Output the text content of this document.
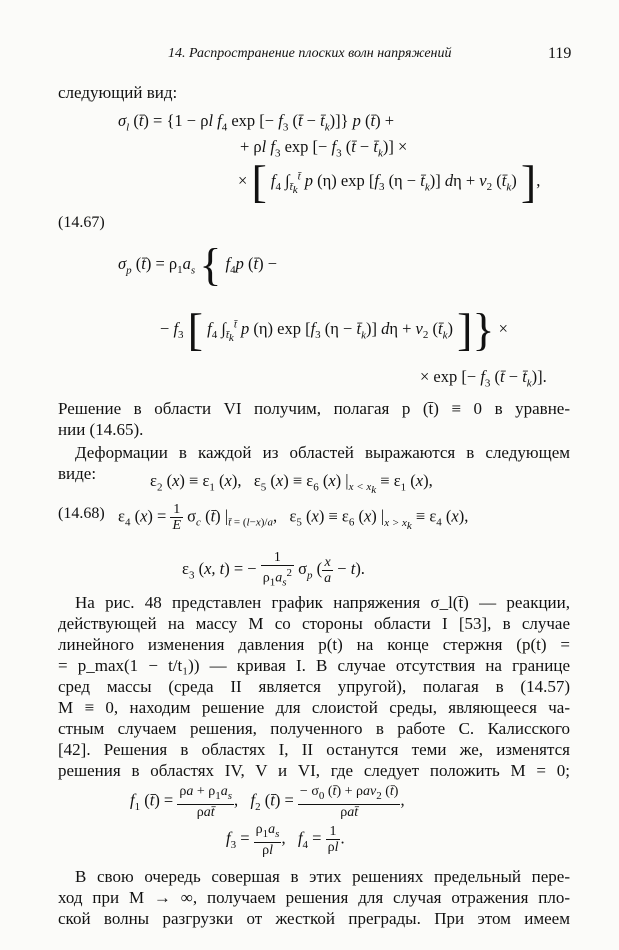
14. Распространение плоских волн напряжений	119
следующий вид:
$\sigma_l$ (t̄) = {1 − ρl $f_4$ exp [− $f_3$ (t̄ − $t̄_k$)]} p (t̄) +
+ ρl $f_3$ exp [− $f_3$ (t̄ − $t̄_k$)] ×
× [ $f_4$ $\int_{t̄_k}^{t̄}$ p (η) $\exp [f_3$ $(\eta - t̄_k)$] $d\eta + v_2$ $(t̄_k)$ ],
(14.67)
$\sigma_p$ (t̄) = $\rho_1a_s$ { $f_4p$ (t̄) −
− $f_3$ [ $f_4$ $\int_{t̄_k}^{t̄}$ p (η) $\exp [f_3$ $(\eta - t̄_k)$] $d\eta + v_2$ $(t̄_k)$ ]} ×
× exp [− $f_3$ (t̄ − $t̄_k$)].
Решение в области VI получим, полагая p (t̄) ≡ 0 в уравне-
нии (14.65).
Деформации в каждой из областей выражаются в следующем
виде:	$\varepsilon_2$ $(x) \equiv \varepsilon_1$ (x),   $\varepsilon_5$ $(x) \equiv \varepsilon_6$ (x) $|_{x < x_k} \equiv \varepsilon_1$ (x),
(14.68) $\varepsilon_4$ $(x) = \frac{1}{E} \sigma_c$ (t̄) $|_{t̄ = (l-x)/a}$,   $\varepsilon_5$ $(x) \equiv \varepsilon_6$ (x) $|_{x > x_k} \equiv \varepsilon_4$ (x),
$\varepsilon_3$ (x, t) = − $\frac{1}{\rho_1a_s^2} \sigma_p$ ( $\frac{x}{a} - t$).
На рис. 48 представлен график напряжения σ_l(t̄) — реакции,
действующей на массу M со стороны области I [53], в случае
линейного изменения давления p(t) на конце стержня (p(t) =
= p_max(1 − t/t₁)) — кривая I. В случае отсутствия на границе
сред массы (среда II является упругой), полагая в (14.57)
M ≡ 0, находим решение для слоистой среды, являющееся ча-
стным случаем решения, полученного в работе С. Калисского
[42]. Решения в областях I, II останутся теми же, изменятся
решения в областях IV, V и VI, где следует положить M = 0;
$f_1$ (t̄) = $\frac{\rho a + \rho_1a_s}{\text{ρat̄}}$ ,   $f_2$ (t̄) = $\frac{- \sigma_0 (t̄) + \rho av_2 (t̄)}{\text{ρat̄}}$ ,
$f_3 = \frac{\rho_1a_s}{\rho l}$ ,   $f_4 = \frac{1}{\rho l}$ .
В свою очередь совершая в этих решениях предельный пере-
ход при M → ∞, получаем решения для случая отражения пло-
ской волны разгрузки от жесткой преграды. При этом имеем
